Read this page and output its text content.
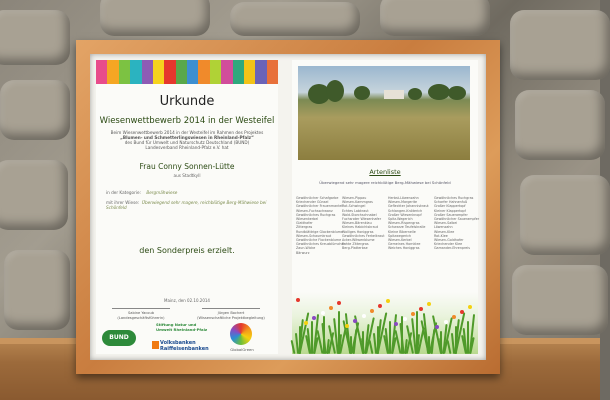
Urkunde
Wiesenwettbewerb 2014 in der Westeifel
Beim Wiesenwettbewerb 2014 in der Westeifel im Rahmen des Projektes
„Blumen- und Schmetterlingswiesen in Rheinland-Pfalz“
des Bund für Umwelt und Naturschutz Deutschland (BUND)
Landesverband Rheinland-Pfalz e.V. hat
Frau Conny Sonnen-Lütte
aus Stadtkyll
in der Kategorie: Bergmähwiese
mit ihrer Wiese: Überwiegend sehr magere, reichblütige Berg-Mähwiese bei Schönfeld
den Sonderpreis erzielt.
Mainz, den 02.10.2014
Sabine Yacoub
(Landesgeschäftsführerin)
Jürgen Bochert
(Wissenschaftliche Projektbegleitung)
BUND
Stiftung Natur und Umwelt Rheinland-Pfalz
Volksbanken Raiffeisenbanken	GlobalGreen
Artenliste
Überwiegend sehr magere reichblütige Berg-Mähwiese bei Schönfeld
Gewöhnlicher Schafgarbe
Kriechender Günsel
Gewöhnlicher Frauenmantel
Wiesen-Fuchsschwanz
Gewöhnliches Ruchgras
Wiesenkerbel
Glatthafer
Zittergras
Rundblättrige Glockenblume
Wiesen-Schaumkraut
Gewöhnliche Flockenblume
Gewöhnliches Kreuzblümchen
Zaun-Wicke
Bärwurz
Wiesen-Pippau
Wiesen-Kammgras
Rot-Schwingel
Echtes Labkraut
Wald-Storchschnabel
Fuchsroter Wiesenhafer
Wiesen-Bärenklau
Kleines Habichtskraut
Wolliges Honiggras
Gewöhnliches Ferkelkraut
Acker-Witwenblume
Echte Zittergras
Berg-Platterbse
Herbst-Löwenzahn
Wiesen-Margerite
Gefleckter Johanniskraut
Schlangen-Knöterich
Großer Wiesenknopf
Spitz-Wegerich
Wiesen-Rispengras
Schwarze Teufelskralle
Kleine Bibernelle
Spitzwegerich
Wiesen-Kerbel
Gemeines Hornklee
Weiches Honiggras
Gewöhnliches Ruchgras
Scharfer Hahnenfuß
Großer Klappertopf
Kleiner Klappertopf
Großer Sauerampfer
Gewöhnlicher Sauerampfer
Wiesen-Salbei
Löwenzahn
Wiesen-Klee
Rot-Klee
Wiesen-Goldhafer
Kriechender Klee
Gamander-Ehrenpreis
